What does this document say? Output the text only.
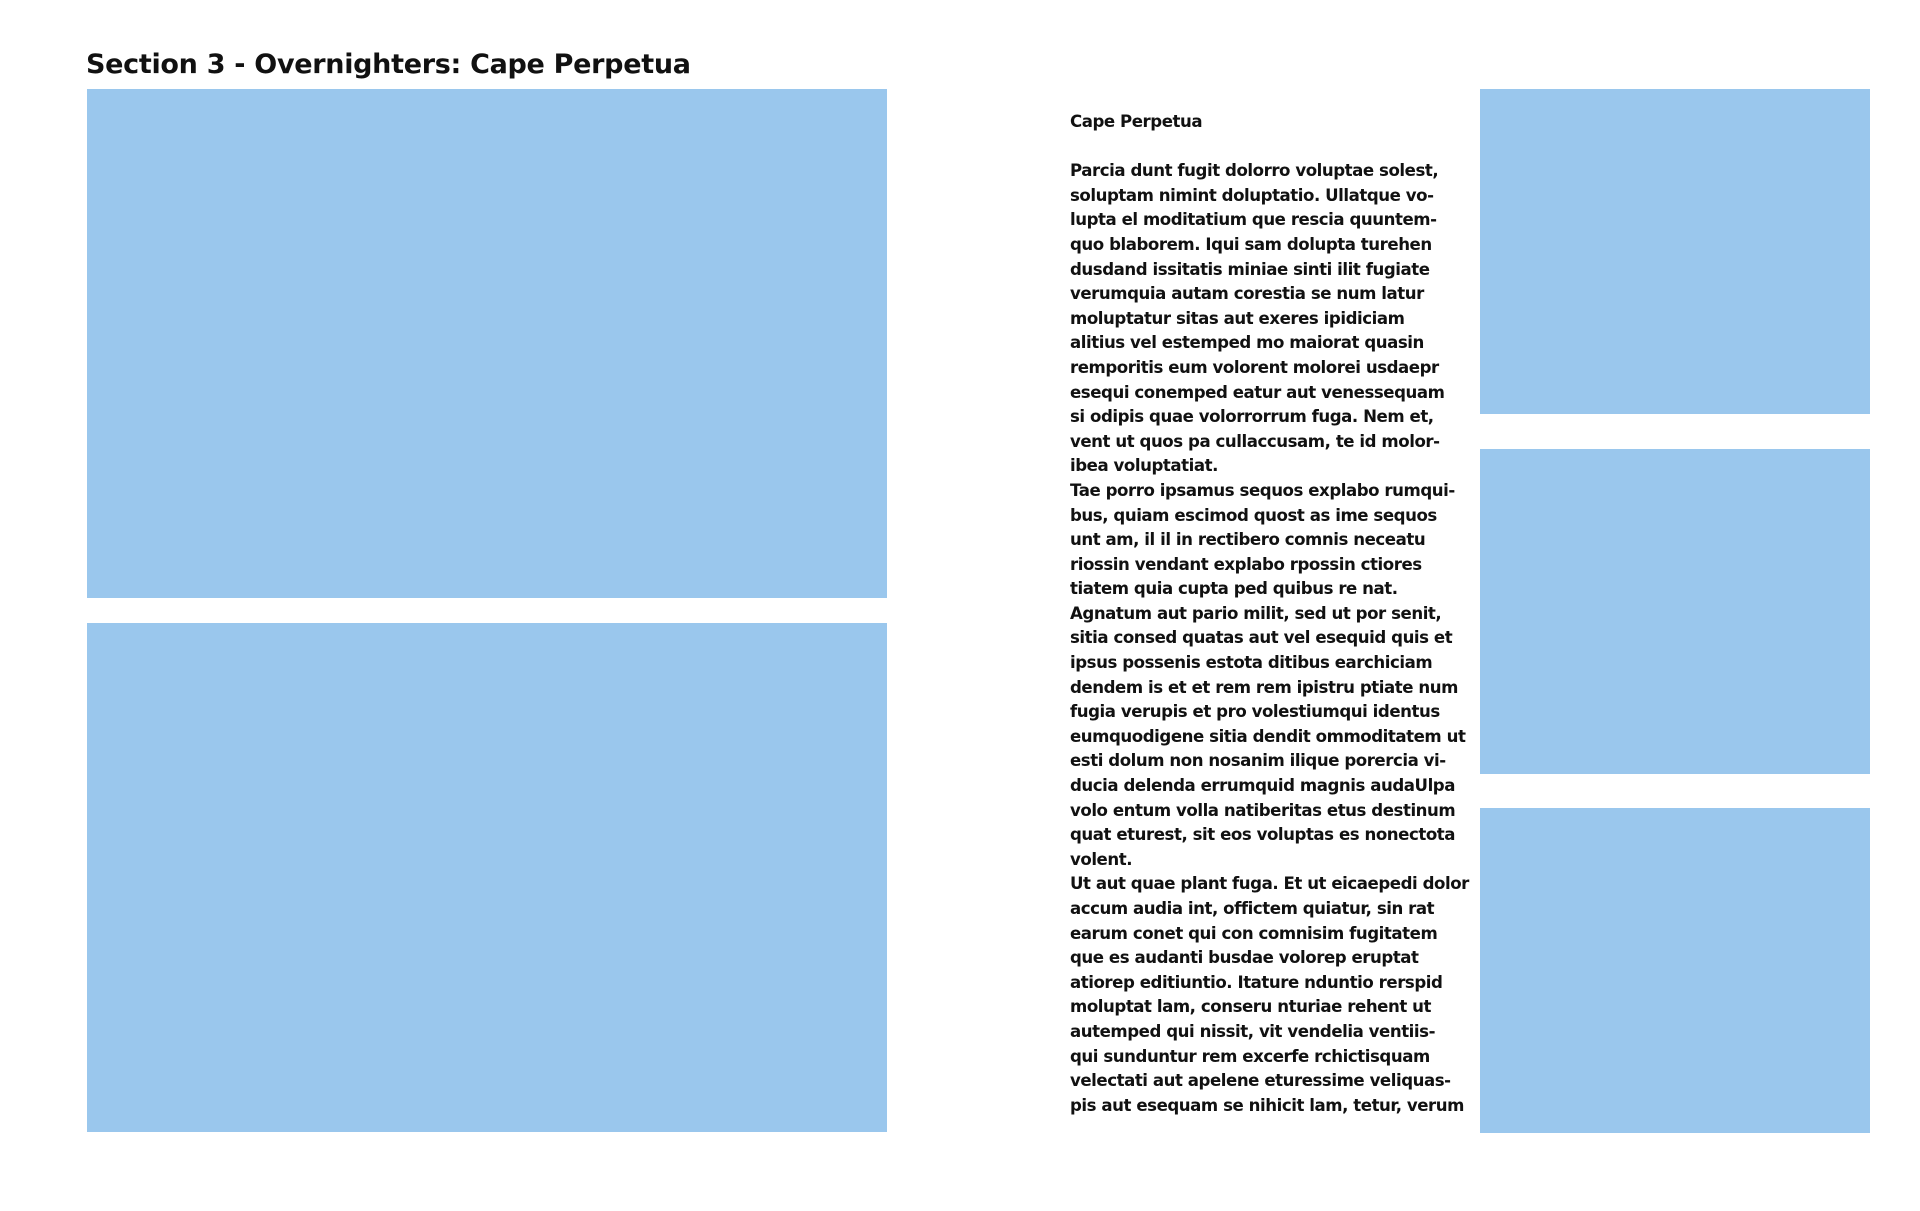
Section 3 - Overnighters: Cape Perpetua
Cape Perpetua

Parcia dunt fugit dolorro voluptae solest,
soluptam nimint doluptatio. Ullatque vo-
lupta el moditatium que rescia quuntem-
quo blaborem. Iqui sam dolupta turehen
dusdand issitatis miniae sinti ilit fugiate
verumquia autam corestia se num latur
moluptatur sitas aut exeres ipidiciam
alitius vel estemped mo maiorat quasin
remporitis eum volorent molorei usdaepr
esequi conemped eatur aut venessequam
si odipis quae volorrorrum fuga. Nem et,
vent ut quos pa cullaccusam, te id molor-
ibea voluptatiat.
Tae porro ipsamus sequos explabo rumqui-
bus, quiam escimod quost as ime sequos
unt am, il il in rectibero comnis neceatu
riossin vendant explabo rpossin ctiores
tiatem quia cupta ped quibus re nat.
Agnatum aut pario milit, sed ut por senit,
sitia consed quatas aut vel esequid quis et
ipsus possenis estota ditibus earchiciam
dendem is et et rem rem ipistru ptiate num
fugia verupis et pro volestiumqui identus
eumquodigene sitia dendit ommoditatem ut
esti dolum non nosanim ilique porercia vi-
ducia delenda errumquid magnis audaUlpa
volo entum volla natiberitas etus destinum
quat eturest, sit eos voluptas es nonectota
volent.
Ut aut quae plant fuga. Et ut eicaepedi dolor
accum audia int, offictem quiatur, sin rat
earum conet qui con comnisim fugitatem
que es audanti busdae volorep eruptat
atiorep editiuntio. Itature nduntio rerspid
moluptat lam, conseru nturiae rehent ut
autemped qui nissit, vit vendelia ventiis-
qui sunduntur rem excerfe rchictisquam
velectati aut apelene eturessime veliquas-
pis aut esequam se nihicit lam, tetur, verum
